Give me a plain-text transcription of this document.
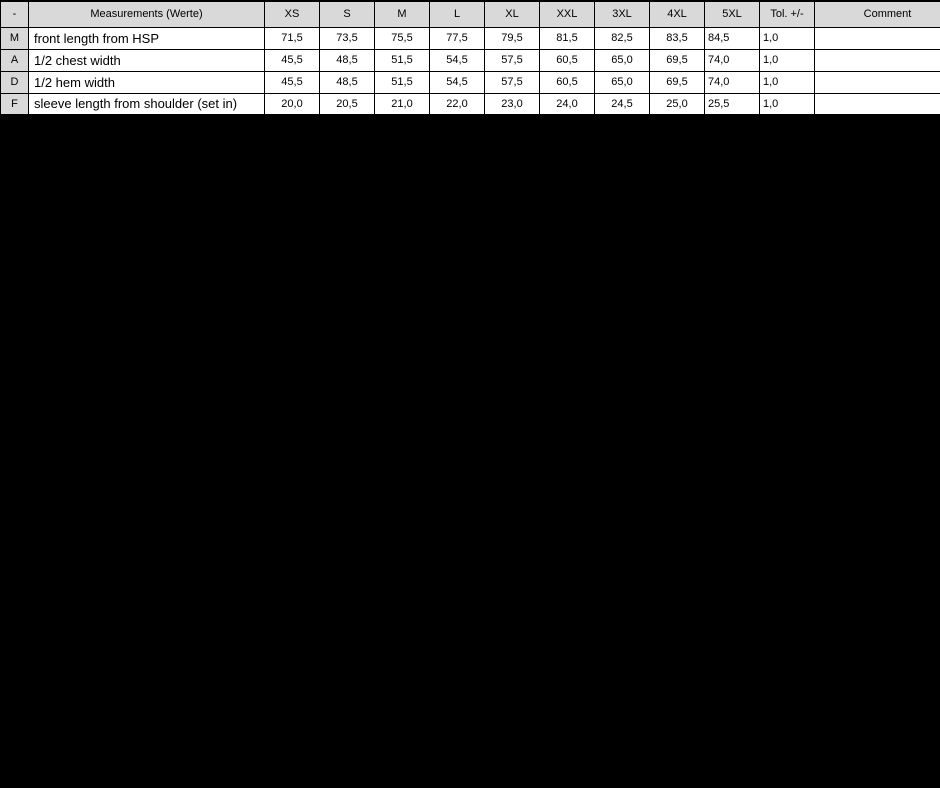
-	Measurements (Werte)	XS	S	M	L	XL	XXL	3XL	4XL	5XL	Tol. +/-	Comment
M	front length from HSP	71,5	73,5	75,5	77,5	79,5	81,5	82,5	83,5	84,5	1,0	
A	1/2 chest width	45,5	48,5	51,5	54,5	57,5	60,5	65,0	69,5	74,0	1,0	
D	1/2 hem width	45,5	48,5	51,5	54,5	57,5	60,5	65,0	69,5	74,0	1,0	
F	sleeve length from shoulder (set in)	20,0	20,5	21,0	22,0	23,0	24,0	24,5	25,0	25,5	1,0	
